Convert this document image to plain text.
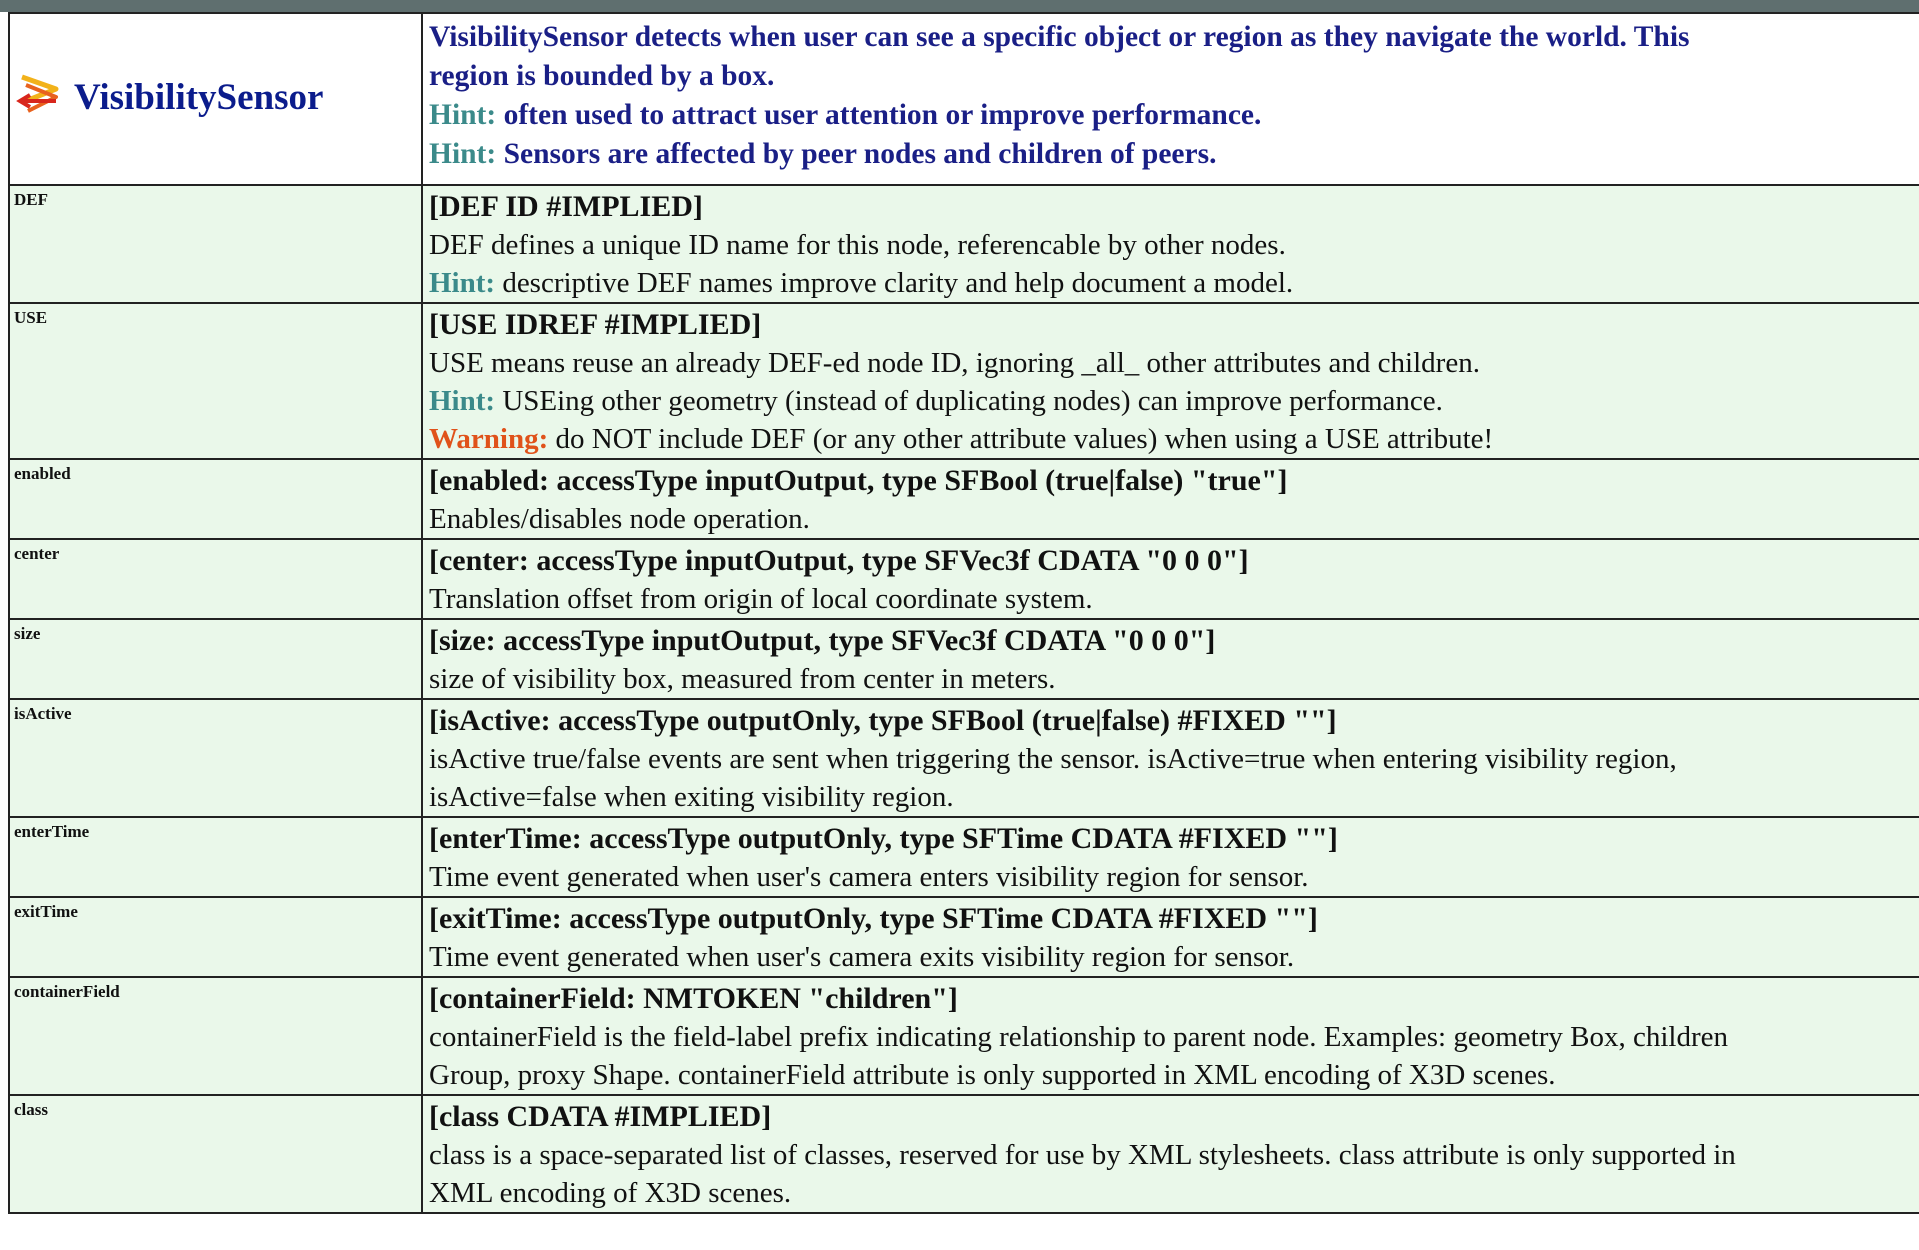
VisibilitySensor	VisibilitySensor detects when user can see a specific object or region as they navigate the world. This
region is bounded by a box.
Hint: often used to attract user attention or improve performance.
Hint: Sensors are affected by peer nodes and children of peers.

DEF	[DEF ID #IMPLIED]
DEF defines a unique ID name for this node, referencable by other nodes.
Hint: descriptive DEF names improve clarity and help document a model.

USE	[USE IDREF #IMPLIED]
USE means reuse an already DEF-ed node ID, ignoring _all_ other attributes and children.
Hint: USEing other geometry (instead of duplicating nodes) can improve performance.
Warning: do NOT include DEF (or any other attribute values) when using a USE attribute!

enabled	[enabled: accessType inputOutput, type SFBool (true|false) "true"]
Enables/disables node operation.

center	[center: accessType inputOutput, type SFVec3f CDATA "0 0 0"]
Translation offset from origin of local coordinate system.

size	[size: accessType inputOutput, type SFVec3f CDATA "0 0 0"]
size of visibility box, measured from center in meters.

isActive	[isActive: accessType outputOnly, type SFBool (true|false) #FIXED ""]
isActive true/false events are sent when triggering the sensor. isActive=true when entering visibility region,
isActive=false when exiting visibility region.

enterTime	[enterTime: accessType outputOnly, type SFTime CDATA #FIXED ""]
Time event generated when user's camera enters visibility region for sensor.

exitTime	[exitTime: accessType outputOnly, type SFTime CDATA #FIXED ""]
Time event generated when user's camera exits visibility region for sensor.

containerField	[containerField: NMTOKEN "children"]
containerField is the field-label prefix indicating relationship to parent node. Examples: geometry Box, children
Group, proxy Shape. containerField attribute is only supported in XML encoding of X3D scenes.

class	[class CDATA #IMPLIED]
class is a space-separated list of classes, reserved for use by XML stylesheets. class attribute is only supported in
XML encoding of X3D scenes.
